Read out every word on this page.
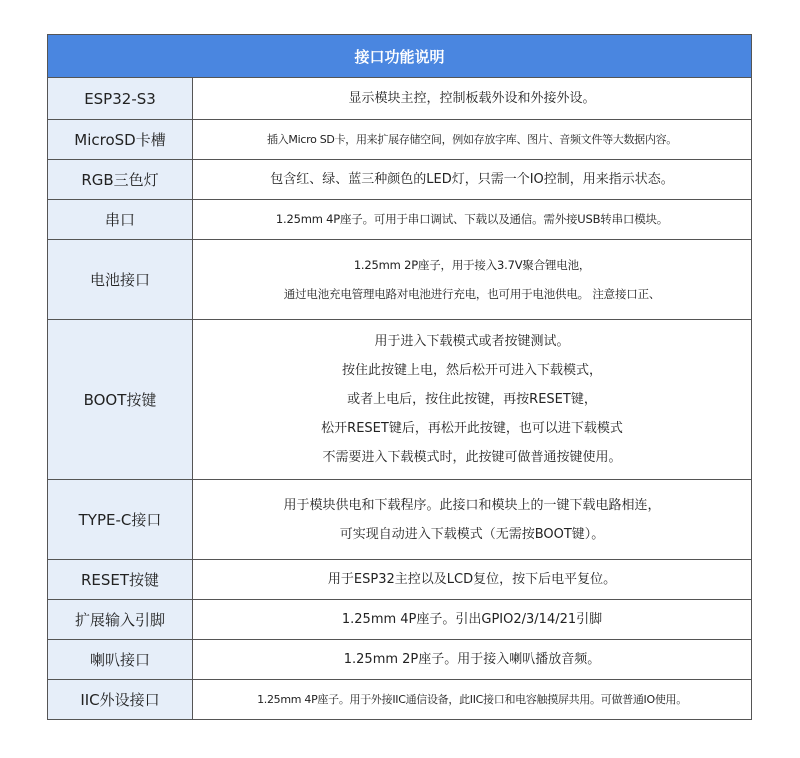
接口功能说明	
ESP32-S3	显示模块主控，控制板载外设和外接外设。

MicroSD卡槽	插入Micro SD卡，用来扩展存储空间，例如存放字库、图片、音频文件等大数据内容。

RGB三色灯	包含红、绿、蓝三种颜色的LED灯，只需一个IO控制，用来指示状态。

串口	1.25mm 4P座子。可用于串口调试、下载以及通信。需外接USB转串口模块。

电池接口	1.25mm 2P座子，用于接入3.7V聚合锂电池，
通过电池充电管理电路对电池进行充电，也可用于电池供电。 注意接口正、

BOOT按键	用于进入下载模式或者按键测试。
按住此按键上电，然后松开可进入下载模式，
或者上电后，按住此按键，再按RESET键，
松开RESET键后，再松开此按键，也可以进下载模式
不需要进入下载模式时，此按键可做普通按键使用。

TYPE-C接口	用于模块供电和下载程序。此接口和模块上的一键下载电路相连，
可实现自动进入下载模式（无需按BOOT键）。

RESET按键	用于ESP32主控以及LCD复位，按下后电平复位。

扩展输入引脚	1.25mm 4P座子。引出GPIO2/3/14/21引脚

喇叭接口	1.25mm 2P座子。用于接入喇叭播放音频。

IIC外设接口	1.25mm 4P座子。用于外接IIC通信设备，此IIC接口和电容触摸屏共用。可做普通IO使用。
